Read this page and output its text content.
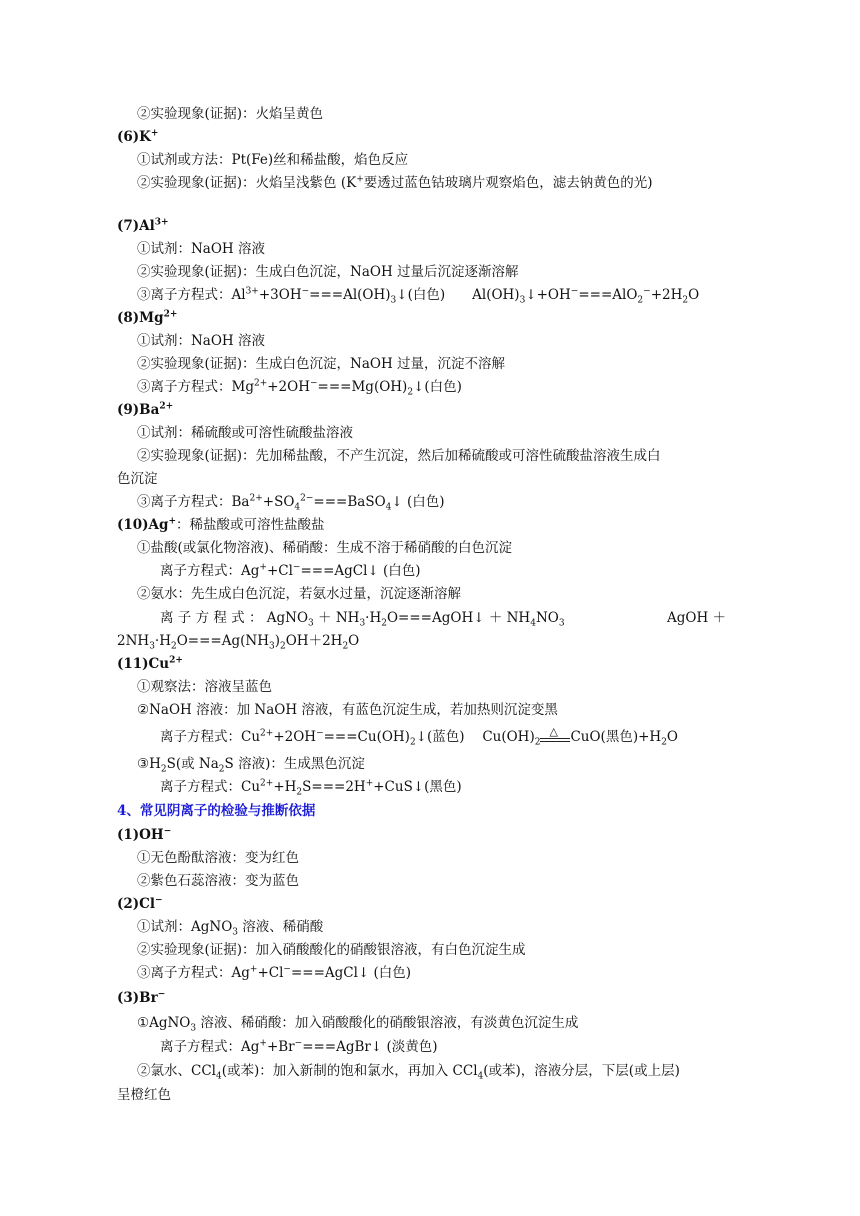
②实验现象(证据)：火焰呈黄色
(6)K+
①试剂或方法：Pt(Fe)丝和稀盐酸，焰色反应
②实验现象(证据)：火焰呈浅紫色 (K+要透过蓝色钴玻璃片观察焰色，滤去钠黄色的光)
$(7)Al^{3+}$
①试剂：NaOH 溶液
②实验现象(证据)：生成白色沉淀，NaOH 过量后沉淀逐渐溶解
③离子方程式：$Al^{3+}+3OH^-===Al(OH)_3↓$(白色)　　$Al(OH)_3↓+OH^-===AlO_2^-+2H_2O$
$(8)Mg^{2+}$
①试剂：NaOH 溶液
②实验现象(证据)：生成白色沉淀，NaOH 过量，沉淀不溶解
③离子方程式：$Mg^{2+}+2OH^-===Mg(OH)_2↓$(白色)
$(9)Ba^{2+}$
①试剂：稀硫酸或可溶性硫酸盐溶液
②实验现象(证据)：先加稀盐酸，不产生沉淀，然后加稀硫酸或可溶性硫酸盐溶液生成白
色沉淀
③离子方程式：$Ba^{2+}+SO_4^{2-}===BaSO_4↓$ (白色)
(10)Ag+：稀盐酸或可溶性盐酸盐
①盐酸(或氯化物溶液)、稀硝酸：生成不溶于稀硝酸的白色沉淀
离子方程式：Ag++Cl−===AgCl↓ (白色)
②氨水：先生成白色沉淀，若氨水过量，沉淀逐渐溶解
离 子 方 程 式 ： AgNO$_3$ ＋ $NH_3\cdot H_2O===AgOH↓ + NH_4NO_3$	AgOH ＋
$2NH_3\cdot H_2O===Ag(NH_3)_2OH+2H_2O$
$(11)Cu^{2+}$
①观察法：溶液呈蓝色
②NaOH 溶液：加 NaOH 溶液，有蓝色沉淀生成，若加热则沉淀变黑
离子方程式：$Cu^{2+}+2OH^-===Cu(OH)_2↓$(蓝色)　 $Cu(OH)_2$
△ CuO(黑色)$+H_2O$
$③H_2S$(或 $Na_2S$ 溶液)：生成黑色沉淀
离子方程式：$Cu^{2+}+H_2S===2H^++CuS↓$(黑色)
4、常见阴离子的检验与推断依据
(1)OH−
①无色酚酞溶液：变为红色
②紫色石蕊溶液：变为蓝色
(2)Cl−
①试剂：AgNO$_3$ 溶液、稀硝酸
②实验现象(证据)：加入硝酸酸化的硝酸银溶液，有白色沉淀生成
③离子方程式：Ag++Cl−===AgCl↓ (白色)
(3)Br−
①AgNO$_3$ 溶液、稀硝酸：加入硝酸酸化的硝酸银溶液，有淡黄色沉淀生成
离子方程式：Ag++Br−===AgBr↓ (淡黄色)
②氯水、CCl$_4$(或苯)：加入新制的饱和氯水，再加入 CCl$_4$(或苯)，溶液分层，下层(或上层)
呈橙红色
